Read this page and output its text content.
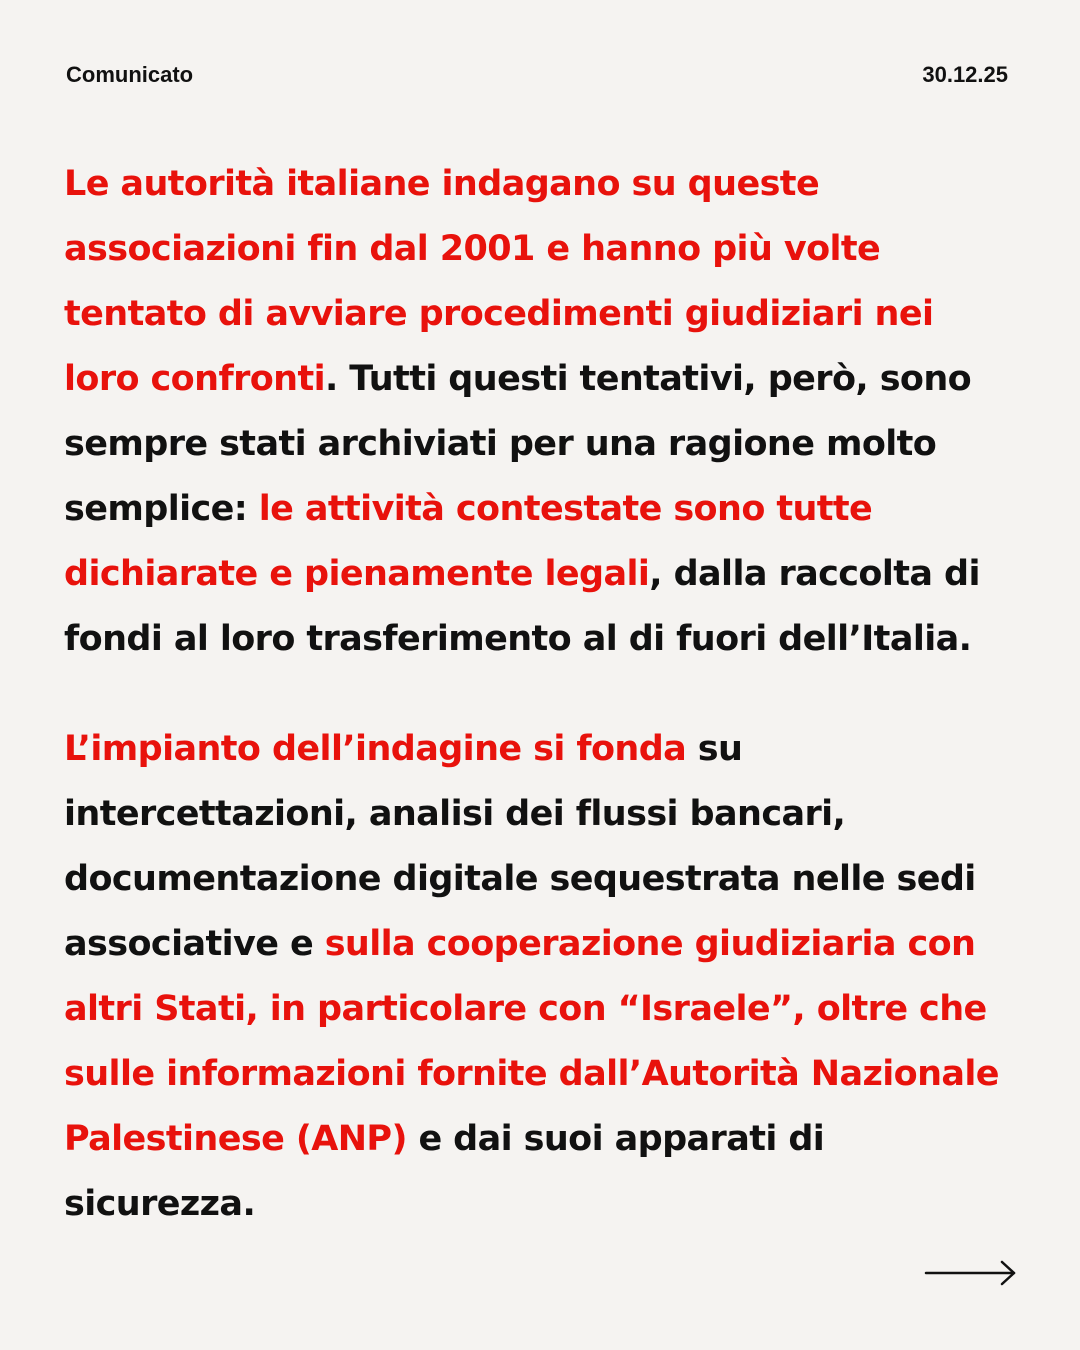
Comunicato	30.12.25

Le autorità italiane indagano su queste associazioni fin dal 2001 e hanno più volte tentato di avviare procedimenti giudiziari nei loro confronti. Tutti questi tentativi, però, sono sempre stati archiviati per una ragione molto semplice: le attività contestate sono tutte dichiarate e pienamente legali, dalla raccolta di fondi al loro trasferimento al di fuori dell’Italia.

L’impianto dell’indagine si fonda su intercettazioni, analisi dei flussi bancari, documentazione digitale sequestrata nelle sedi associative e sulla cooperazione giudiziaria con altri Stati, in particolare con “Israele”, oltre che sulle informazioni fornite dall’Autorità Nazionale Palestinese (ANP) e dai suoi apparati di sicurezza.
